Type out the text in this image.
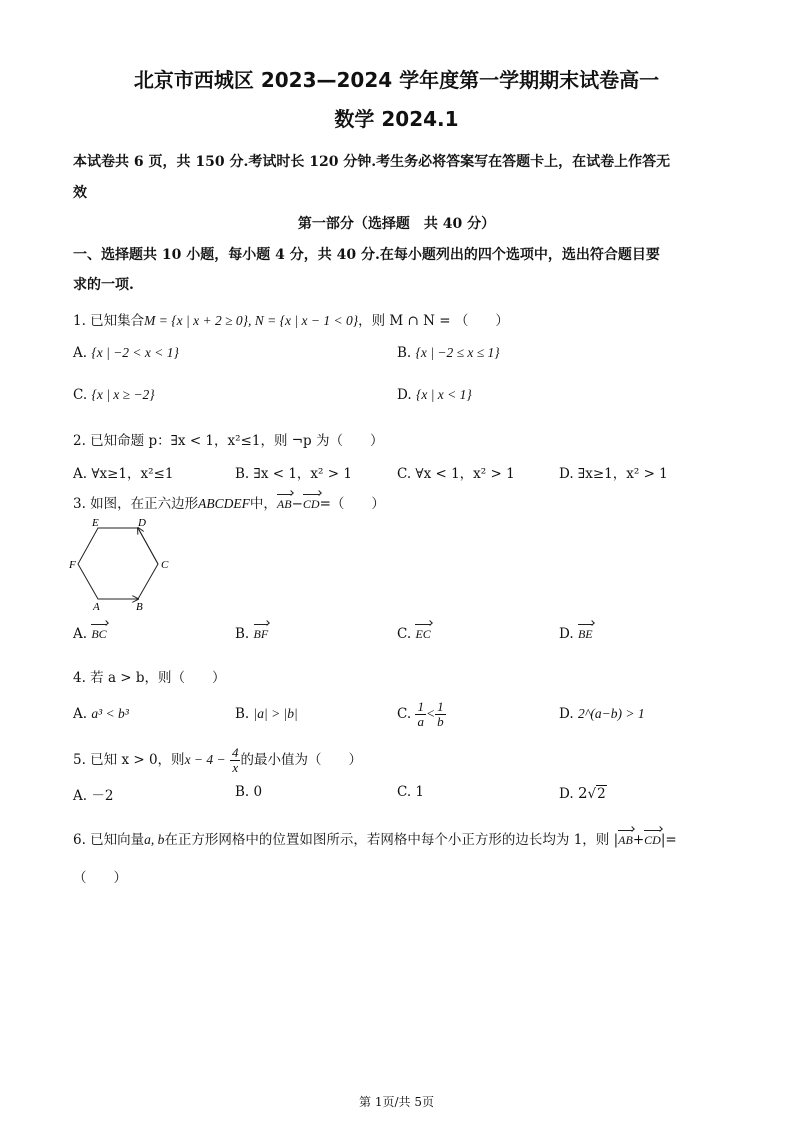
北京市西城区 2023—2024 学年度第一学期期末试卷高一
数学 2024.1
本试卷共 6 页，共 150 分.考试时长 120 分钟.考生务必将答案写在答题卡上，在试卷上作答无
效
第一部分（选择题　共 40 分）
一、选择题共 10 小题，每小题 4 分，共 40 分.在每小题列出的四个选项中，选出符合题目要
求的一项.
1. 已知集合M = {x | x + 2 ≥ 0}, N = {x | x − 1 < 0}，则 M ∩ N = （　　）
A. {x | −2 < x < 1}	B. {x | −2 ≤ x ≤ 1}
C. {x | x ≥ −2}	D. {x | x < 1}
2. 已知命题 p：∃x < 1，x²≤1，则 ¬p 为（　　）
A. ∀x≥1，x²≤1	B. ∃x < 1，x² > 1	C. ∀x < 1，x² > 1	D. ∃x≥1，x² > 1
3. 如图，在正六边形ABCDEF中，AB−CD=（　　）
E	D
F	C
A	B
A. BC	B. BF	C. EC	D. BE
4. 若 a > b，则（　　）
A. a³ < b³	B. |a| > |b|	C. $\frac{1}{a} < \frac{1}{b}$	D. 2^(a−b) > 1
5. 已知 x > 0，则$x - 4 - \frac{4}{x}$ 的最小值为（　　）
A. －2	B. 0	C. 1	D. 2√2
6. 已知向量a, b在正方形网格中的位置如图所示，若网格中每个小正方形的边长均为 1，则 |AB+CD|=
（　　）
第 1页/共 5页
